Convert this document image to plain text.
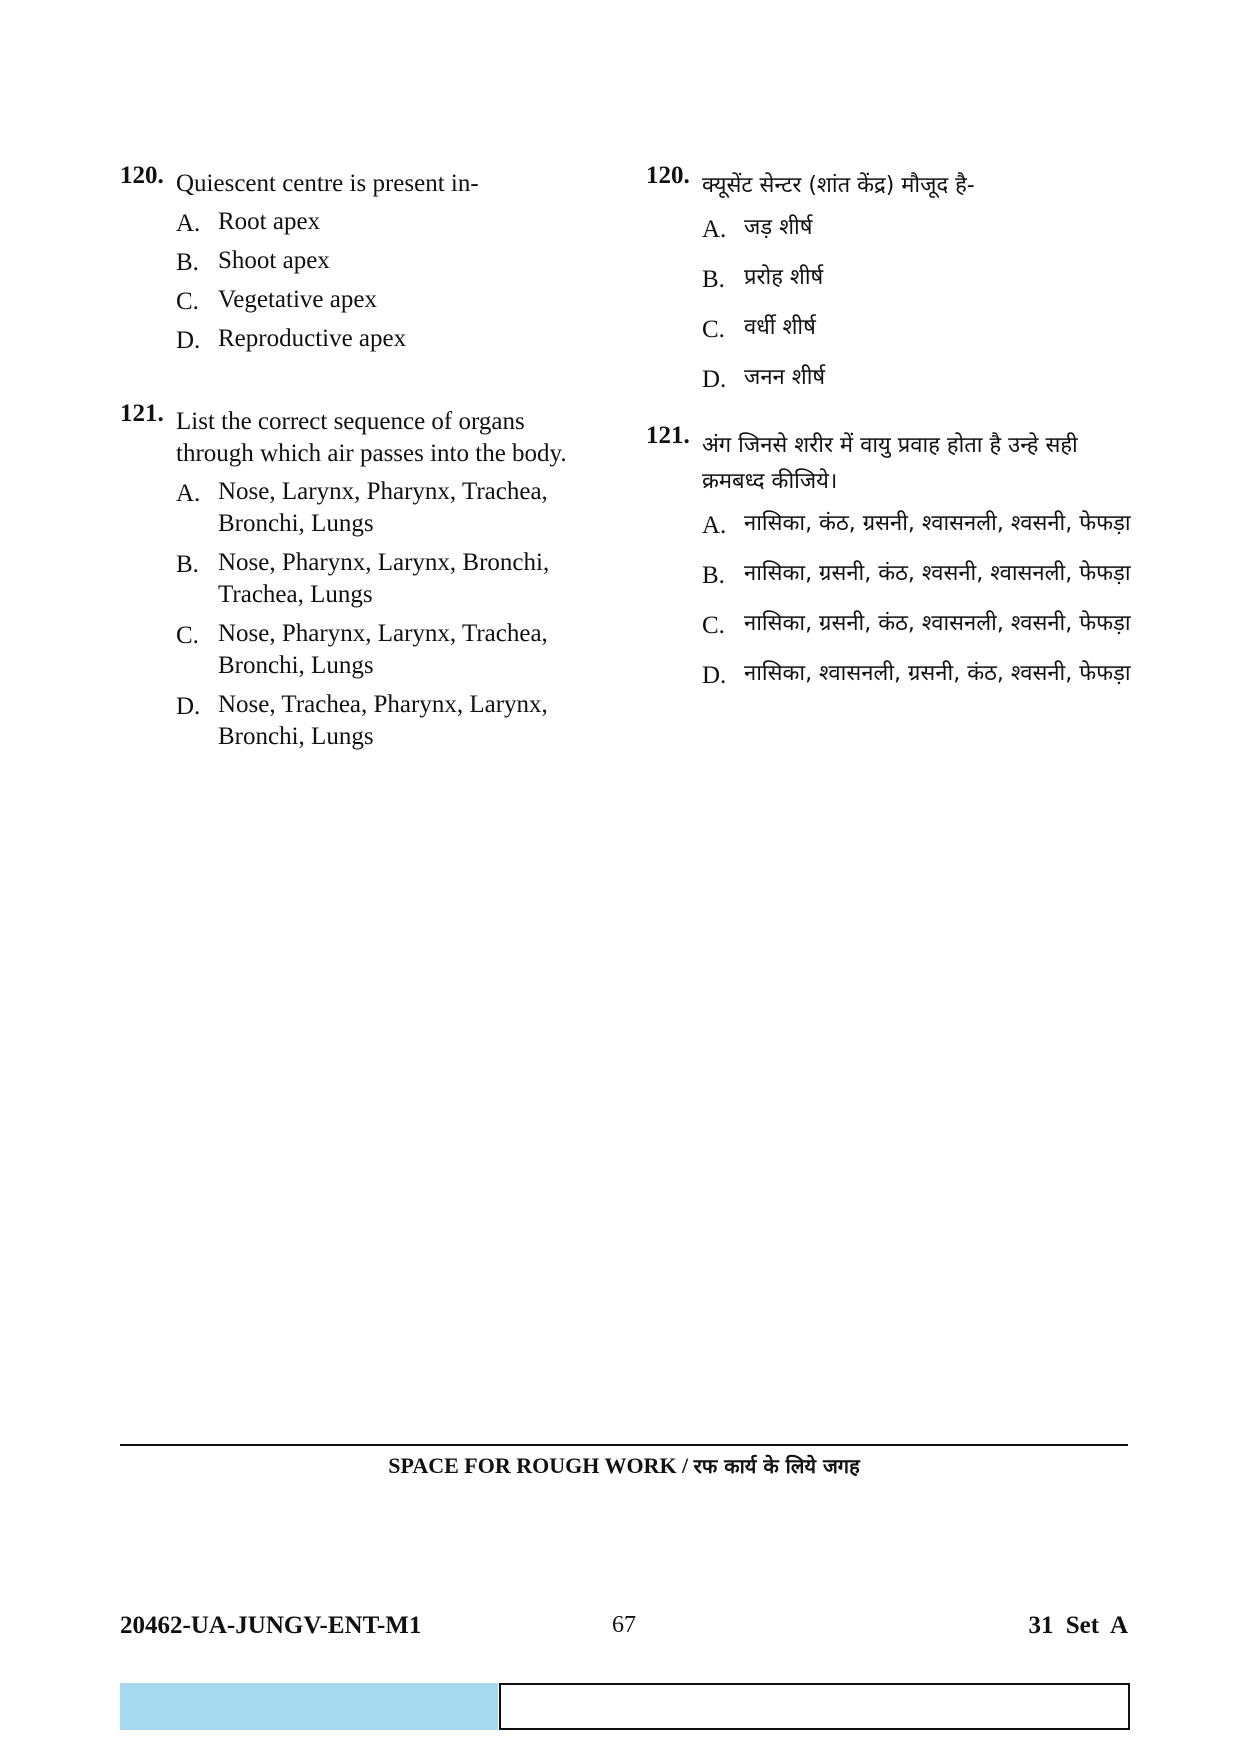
120. Quiescent centre is present in-

A. Root apex
B. Shoot apex
C. Vegetative apex
D. Reproductive apex
121. List the correct sequence of organs through which air passes into the body.

A. Nose, Larynx, Pharynx, Trachea, Bronchi, Lungs
B. Nose, Pharynx, Larynx, Bronchi, Trachea, Lungs
C. Nose, Pharynx, Larynx, Trachea, Bronchi, Lungs
D. Nose, Trachea, Pharynx, Larynx, Bronchi, Lungs
120. क्यूसेंट सेन्टर (शांत केंद्र) मौजूद है-

A. जड़ शीर्ष
B. प्ररोह शीर्ष
C. वर्धी शीर्ष
D. जनन शीर्ष
121. अंग जिनसे शरीर में वायु प्रवाह होता है उन्हे सही क्रमबध्द कीजिये।

A. नासिका, कंठ, ग्रसनी, श्वासनली, श्वसनी, फेफड़ा
B. नासिका, ग्रसनी, कंठ, श्वसनी, श्वासनली, फेफड़ा
C. नासिका, ग्रसनी, कंठ, श्वासनली, श्वसनी, फेफड़ा
D. नासिका, श्वासनली, ग्रसनी, कंठ, श्वसनी, फेफड़ा
SPACE FOR ROUGH WORK / रफ कार्य के लिये जगह
20462-UA-JUNGV-ENT-M1	67	31 Set A
